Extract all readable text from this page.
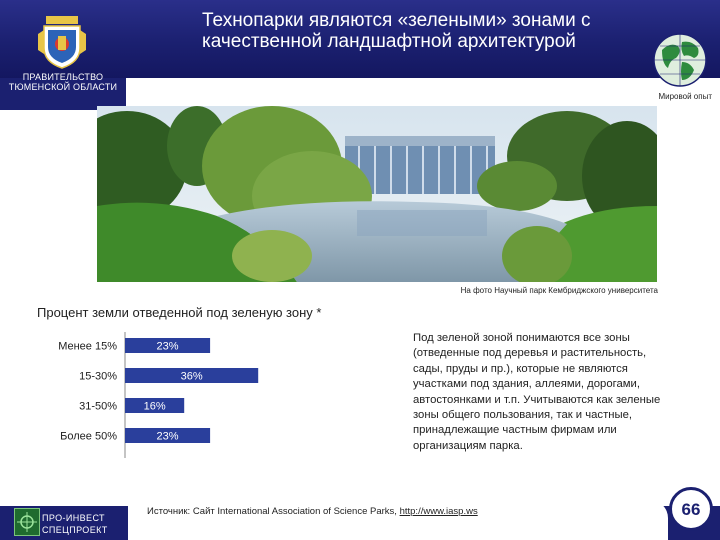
Технопарки являются «зелеными» зонами с качественной ландшафтной архитектурой
ПРАВИТЕЛЬСТВО ТЮМЕНСКОЙ ОБЛАСТИ
Мировой опыт
На фото Научный парк Кембриджского университета
Процент земли отведенной под зеленую зону *
Менее 15%	23%
15-30%	36%
31-50% 16%
Более 50%	23%
Под зеленой зоной понимаются все зоны (отведенные под деревья и растительность, сады, пруды и пр.), которые не являются участками под здания, аллеями, дорогами, автостоянками и т.п. Учитываются как зеленые зоны общего пользования, так и частные, принадлежащие частным фирмам или организациям парка.
ПРО-ИНВЕСТ
СПЕЦПРОЕКТ
Источник: Сайт International Association of Science Parks, http://www.iasp.ws	66
